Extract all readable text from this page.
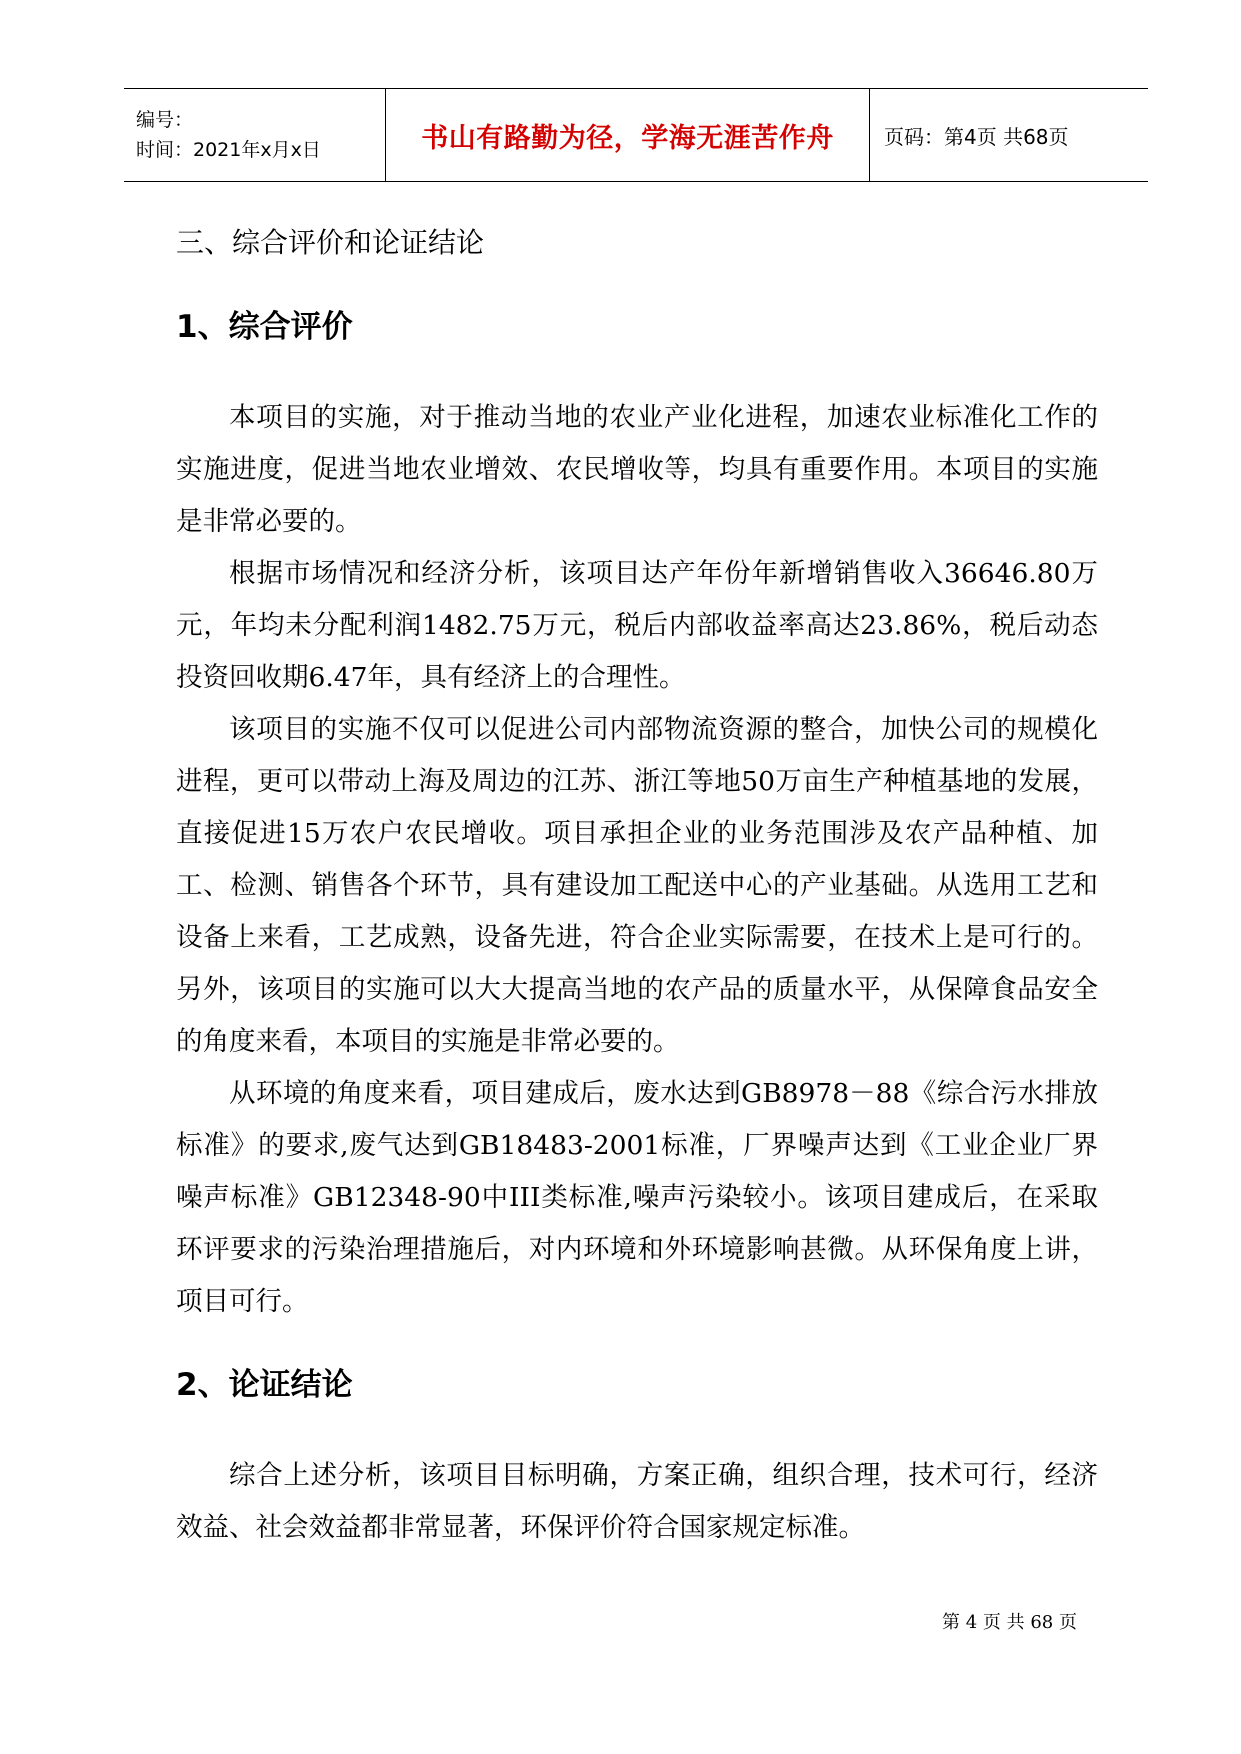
编号：
时间：2021年x月x日	书山有路勤为径，学海无涯苦作舟	页码：第4页 共68页
三、综合评价和论证结论
1、综合评价

本项目的实施，对于推动当地的农业产业化进程，加速农业标准化工作的实施进度，促进当地农业增效、农民增收等，均具有重要作用。本项目的实施是非常必要的。

根据市场情况和经济分析，该项目达产年份年新增销售收入36646.80万元，年均未分配利润1482.75万元，税后内部收益率高达23.86%，税后动态投资回收期6.47年，具有经济上的合理性。

该项目的实施不仅可以促进公司内部物流资源的整合，加快公司的规模化进程，更可以带动上海及周边的江苏、浙江等地50万亩生产种植基地的发展，直接促进15万农户农民增收。项目承担企业的业务范围涉及农产品种植、加工、检测、销售各个环节，具有建设加工配送中心的产业基础。从选用工艺和设备上来看，工艺成熟，设备先进，符合企业实际需要，在技术上是可行的。另外，该项目的实施可以大大提高当地的农产品的质量水平，从保障食品安全的角度来看，本项目的实施是非常必要的。

从环境的角度来看，项目建成后，废水达到GB8978－88《综合污水排放标准》的要求,废气达到GB18483-2001标准，厂界噪声达到《工业企业厂界噪声标准》GB12348-90中III类标准,噪声污染较小。该项目建成后，在采取环评要求的污染治理措施后，对内环境和外环境影响甚微。从环保角度上讲，项目可行。

2、论证结论

综合上述分析，该项目目标明确，方案正确，组织合理，技术可行，经济效益、社会效益都非常显著，环保评价符合国家规定标准。

第 4 页 共 68 页
